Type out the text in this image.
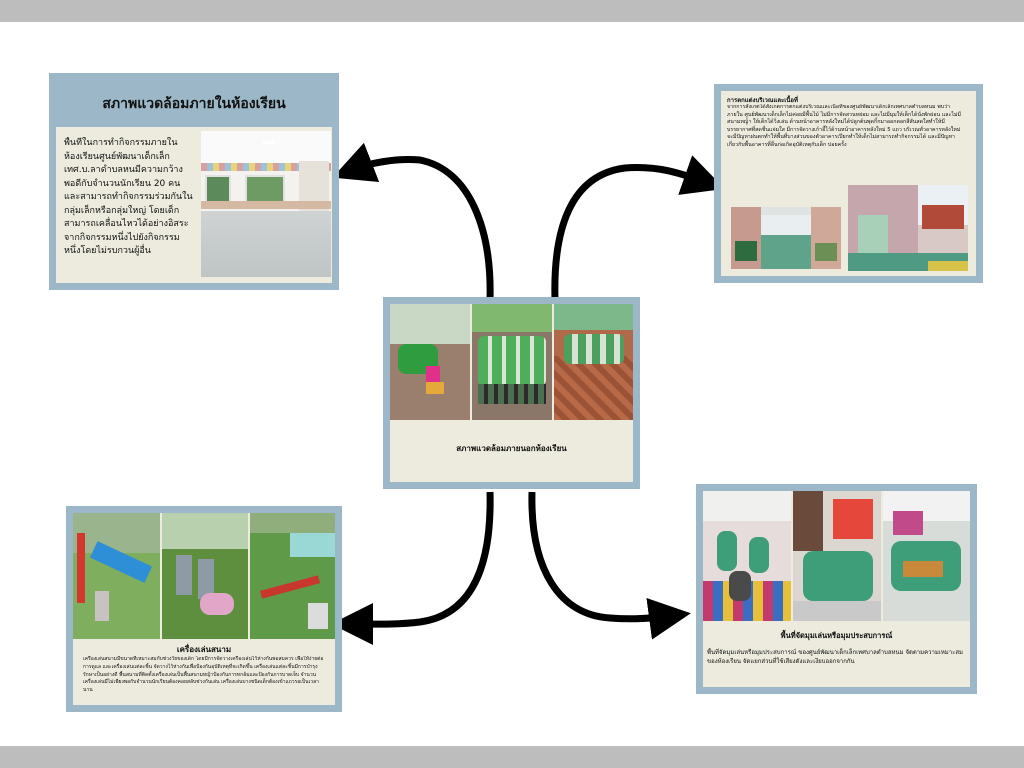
สภาพแวดล้อมภายในห้องเรียน
พื้นที่ในการทำกิจกรรมภายในห้องเรียนศูนย์พัฒนาเด็กเล็กเทศ.บ.ลาดำบลหนมีความกว้างพอดีกับจำนวนนักเรียน 20 คน และสามารถทำกิจกรรมร่วมกันในกลุ่มเล็กหรือกลุ่มใหญ่ โดยเด็กสามารถเคลื่อนไหวได้อย่างอิสระจากกิจกรรมหนึ่งไปยังกิจกรรมหนึ่งโดยไม่รบกวนผู้อื่น
การตกแต่งบริเวณและเนื้อที่
จากการสังเกตได้สังเกตการตกแต่งบริเวณและเนื้อที่ของศูนย์พัฒนาเด็กเล็กเทศบาลตำบลหนม พบว่าภายใน ศูนย์พัฒนาเด็กเล็กไม่ค่อยมีพื้นไม้ ไม่มีการจัดสวนหย่อม และไม่มีมุมให้เด็กได้นั่งพักผ่อน และไม่มีสนามหญ้า ให้เด็กได้วิ่งเล่น ด้านหน้าอาคารหลังใหม่ได้ปลูกต้นพุดกิ้กมาออกดอกสีสันสดใสทำให้มีบรรยากาศที่สดชื่นแจ่มใส มีการจัดวางเก้าอี้ไว้ด้านหน้าอาคารหลังใหม่ 5 แถว บริเวณทั่วอาคารหลังใหม่จะมีปัญหาฝนตกทำให้พื้นที่บางส่วนของตัวอาคารเปียกทำให้เด็กไม่สามารถทำกิจกรรมได้ และมีปัญหาเกี่ยวกับพื้นอาคารที่ลื่นก่อเกิดอุบัติเหตุกับเด็ก บ่อยครั้ง
สภาพแวดล้อมภายนอกห้องเรียน
เครื่องเล่นสนาม
เครื่องเล่นสนามมีขนาดที่เหมาะสมกับช่วงวัยของเด็ก โดยมีการจัดวางเครื่องเล่นไว้ห่างกันพอสมควร เพื่อให้ง่ายต่อการดูแล และเครื่องเล่นแต่ละชิ้น จัดวางไว้ห่างกันเพื่อป้องกันอุบัติเหตุที่จะเกิดขึ้น เครื่องเล่นแต่ละชิ้นมีการบำรุงรักษาเป็นอย่างดี พื้นสนามที่ติดตั้งเครื่องเล่นเป็นพื้นสนามหญ้าป้องกันการหกล้มและป้องกันการบาดเจ็บ จำนวนเครื่องเล่นมีไม่เพียงพอกับจำนวนนักเรียนต้องคอยสลับช่วงกันเล่น เครื่องเล่นบางชนิดเด็กต้องเข้าแถวรอเป็นเวลานาน
พื้นที่จัดมุมเล่นหรือมุมประสบการณ์
พื้นที่จัดมุมเล่นหรือมุมประสบการณ์ ของศูนย์พัฒนาเด็กเล็กเทศบาลตำบลหนม จัดตามความเหมาะสม ของห้องเรียน จัดแยกส่วนที่ใช้เสียงดังและเงียบออกจากกัน
